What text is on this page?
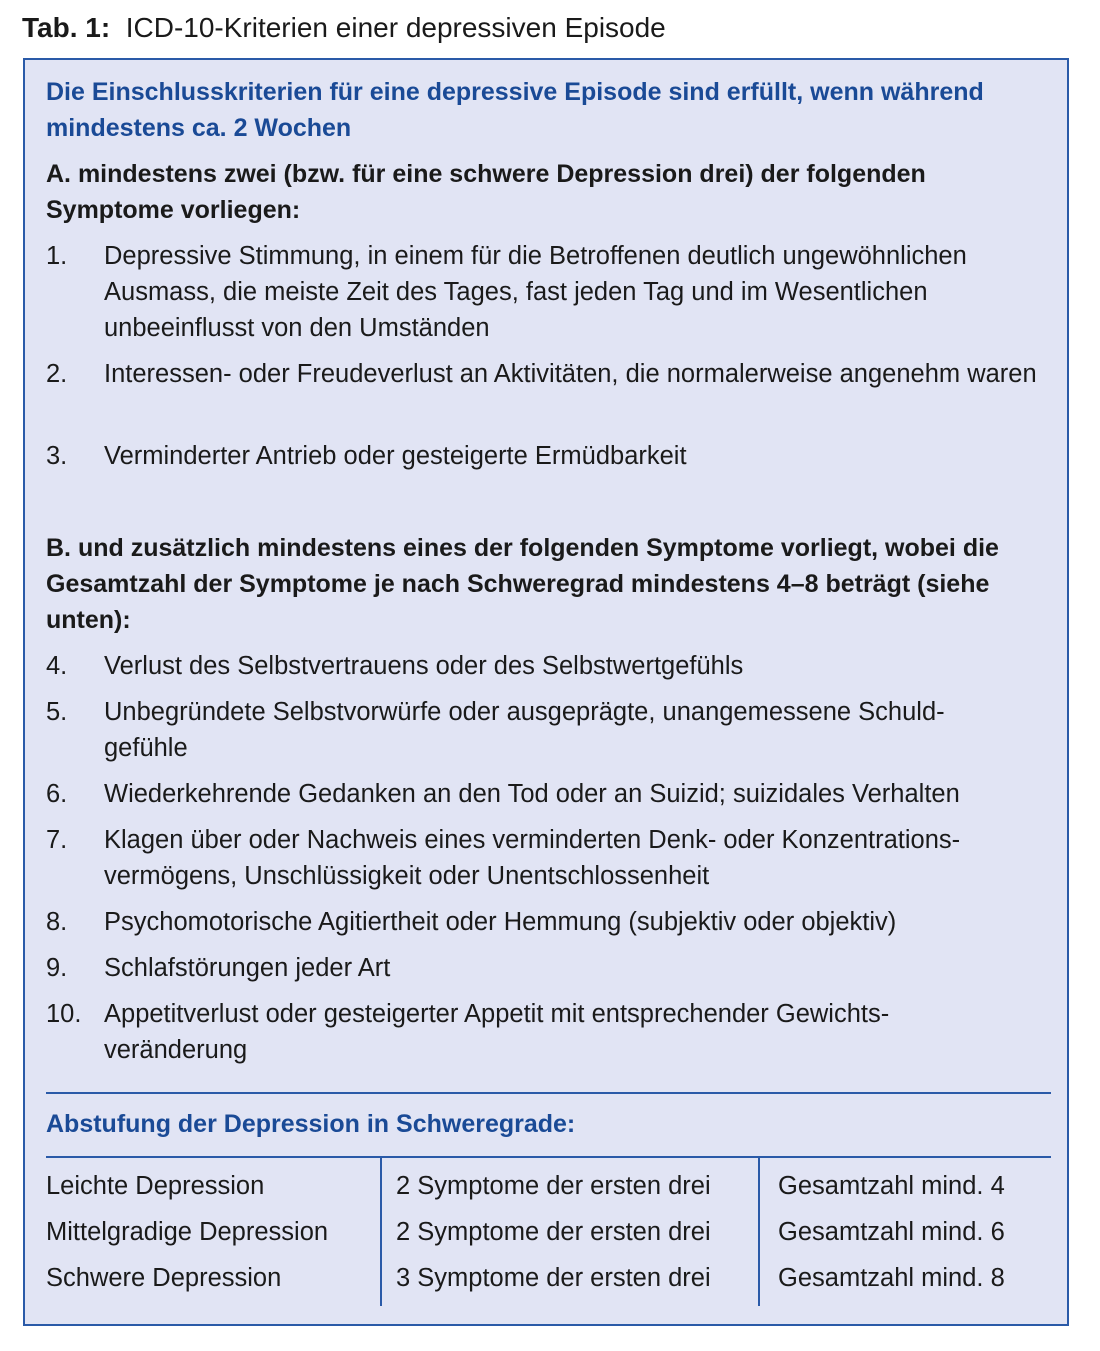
Tab. 1: ICD-10-Kriterien einer depressiven Episode
Die Einschlusskriterien für eine depressive Episode sind erfüllt, wenn während mindestens ca. 2 Wochen
A. mindestens zwei (bzw. für eine schwere Depression drei) der folgenden Symptome vorliegen:
1.	Depressive Stimmung, in einem für die Betroffenen deutlich ungewöhnlichen Ausmass, die meiste Zeit des Tages, fast jeden Tag und im Wesentlichen unbeeinflusst von den Umständen
2.	Interessen- oder Freudeverlust an Aktivitäten, die normalerweise angenehm waren
3.	Verminderter Antrieb oder gesteigerte Ermüdbarkeit
B. und zusätzlich mindestens eines der folgenden Symptome vorliegt, wobei die Gesamtzahl der Symptome je nach Schweregrad mindestens 4–8 beträgt (siehe unten):
4.	Verlust des Selbstvertrauens oder des Selbstwertgefühls
5.	Unbegründete Selbstvorwürfe oder ausgeprägte, unangemessene Schuld-gefühle
6.	Wiederkehrende Gedanken an den Tod oder an Suizid; suizidales Verhalten
7.	Klagen über oder Nachweis eines verminderten Denk- oder Konzentrations-vermögens, Unschlüssigkeit oder Unentschlossenheit
8.	Psychomotorische Agitiertheit oder Hemmung (subjektiv oder objektiv)
9.	Schlafstörungen jeder Art
10. Appetitverlust oder gesteigerter Appetit mit entsprechender Gewichts-veränderung
Abstufung der Depression in Schweregrade:
Leichte Depression	2 Symptome der ersten drei	Gesamtzahl mind. 4
Mittelgradige Depression	2 Symptome der ersten drei	Gesamtzahl mind. 6
Schwere Depression	3 Symptome der ersten drei	Gesamtzahl mind. 8
